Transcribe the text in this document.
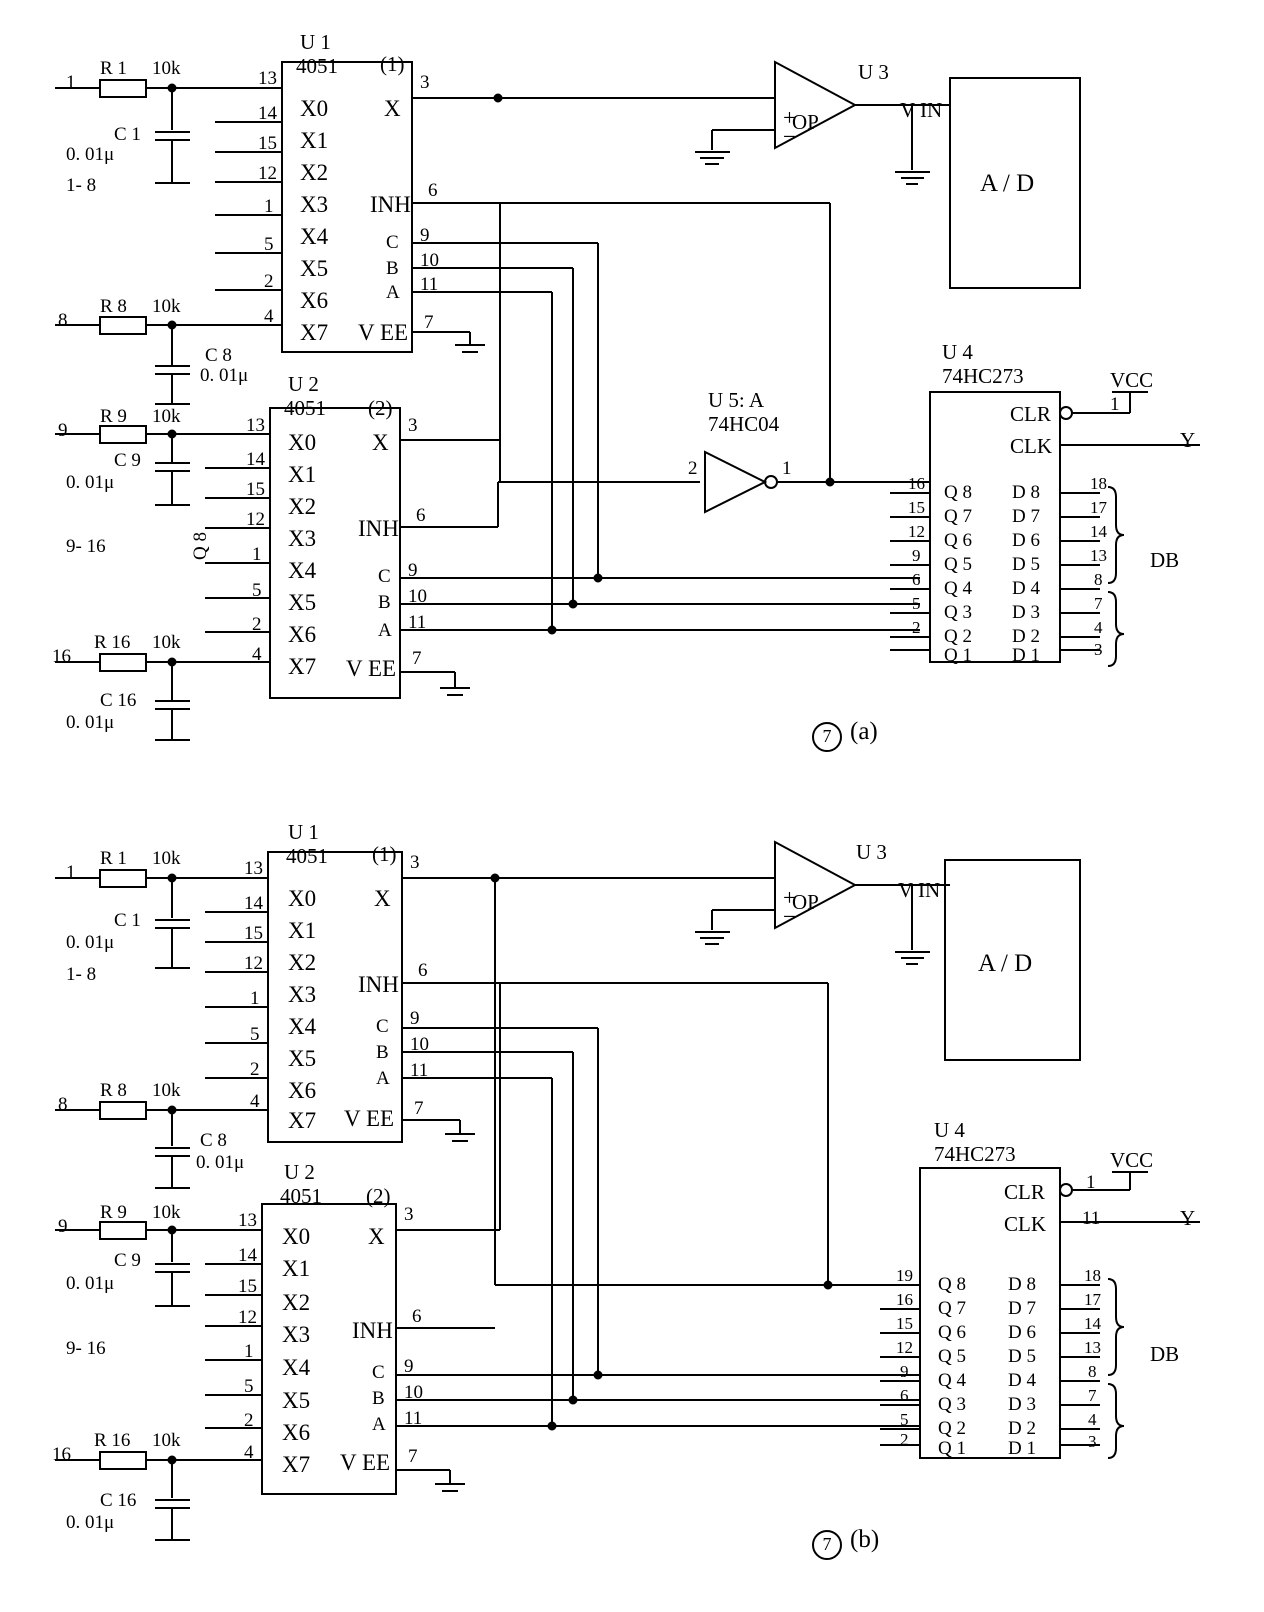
1
R 1 10k
C 1
0. 01μ
1- 8
8
R 8 10k
C 8
0. 01μ
9
R 9 10k
C 9
0. 01μ
9- 16
16
R 16 10k
C 16
0. 01μ
Q 8
U 1
4051 (1)
X0
X1
X2
X3
X4
X5
X6
X7
X
INH
C
B
A
V EE
13
14
15
12
1
5
2
4
3
6
9
10
11
7
U 2
4051 (2)
X0
X1
X2
X3
X4
X5
X6
X7
X
INH
C
B
A
V EE
13
14
15
12
1
5
2
4
3
6
9
10
11
7
+
−
OP
U 3
V IN
A / D
U 5: A
74HC04
2	1
U 4
74HC273
CLR
CLK
VCC
1
Y
DB
Q 8
Q 7
Q 6
Q 5
Q 4
Q 3
Q 2
Q 1
D 8
D 7
D 6
D 5
D 4
D 3
D 2
D 1
16
15
12
9
6
5
2
18
17
14
13
8
7
4
3
7 (a)
1
R 1 10k
C 1
0. 01μ
1- 8
8
R 8 10k
C 8
0. 01μ
9
R 9 10k
C 9
0. 01μ
9- 16
16
R 16 10k
C 16
0. 01μ
U 1
4051 (1)
X0
X1
X2
X3
X4
X5
X6
X7
X
INH
C
B
A
V EE
13
14
15
12
1
5
2
4
3
6
9
10
11
7
U 2
4051 (2)
X0
X1
X2
X3
X4
X5
X6
X7
X
INH
C
B
A
V EE
13
14
15
12
1
5
2
4
3
6
9
10
11
7
+
−
OP
U 3
V IN
A / D
U 4
74HC273
CLR
CLK
VCC
1
11	Y
DB
Q 8
Q 7
Q 6
Q 5
Q 4
Q 3
Q 2
Q 1
D 8
D 7
D 6
D 5
D 4
D 3
D 2
D 1
19
16
15
12
9
6
5
2
18
17
14
13
8
7
4
3
7 (b)
